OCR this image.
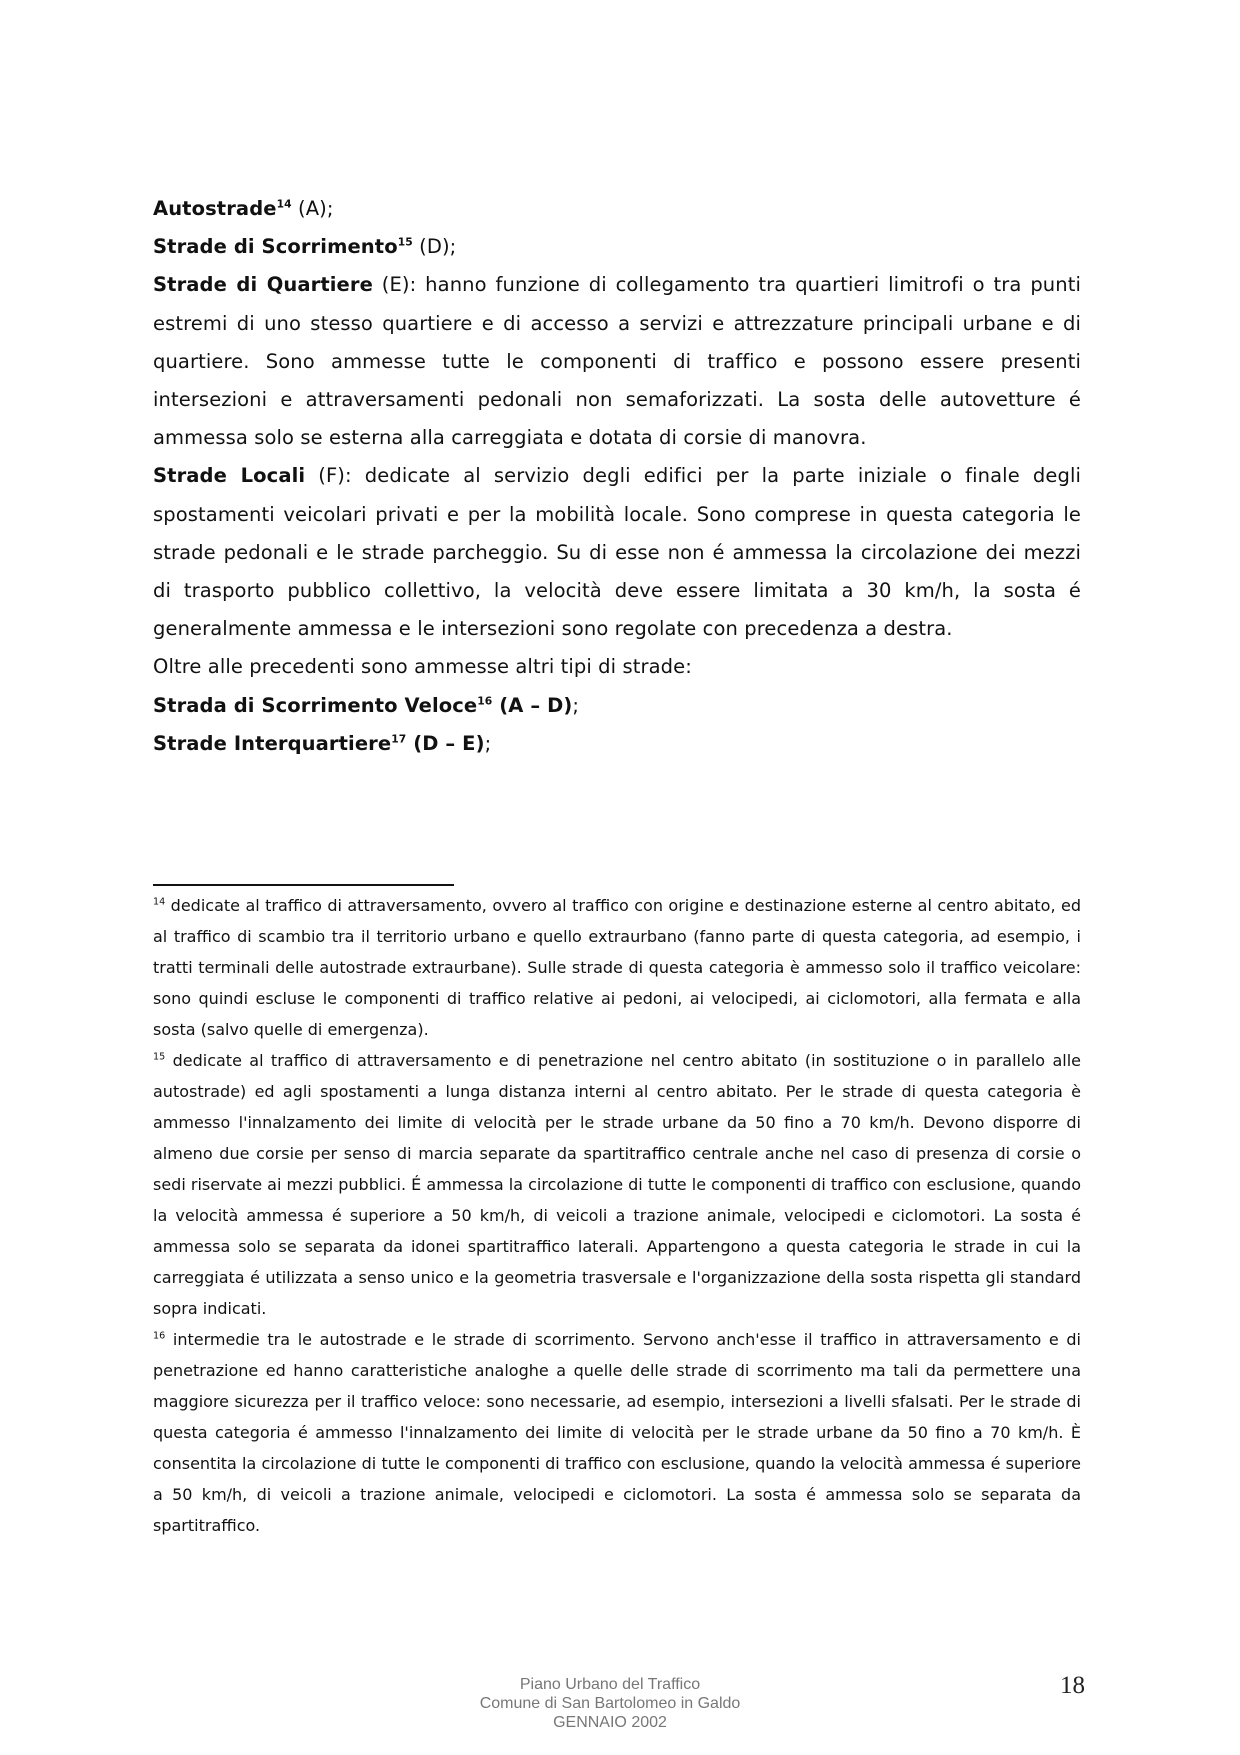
Autostrade$^{14}$ (A);

Strade di Scorrimento$^{15}$ (D);

Strade di Quartiere (E): hanno funzione di collegamento tra quartieri limitrofi o tra punti estremi di uno stesso quartiere e di accesso a servizi e attrezzature principali urbane e di quartiere. Sono ammesse tutte le componenti di traffico e possono essere presenti intersezioni e attraversamenti pedonali non semaforizzati. La sosta delle autovetture é ammessa solo se esterna alla carreggiata e dotata di corsie di manovra.

Strade Locali (F): dedicate al servizio degli edifici per la parte iniziale o finale degli spostamenti veicolari privati e per la mobilità locale. Sono comprese in questa categoria le strade pedonali e le strade parcheggio. Su di esse non é ammessa la circolazione dei mezzi di trasporto pubblico collettivo, la velocità deve essere limitata a 30 km/h, la sosta é generalmente ammessa e le intersezioni sono regolate con precedenza a destra.

Oltre alle precedenti sono ammesse altri tipi di strade:

Strada di Scorrimento Veloce$^{16}$ (A – D);

Strade Interquartiere$^{17}$ (D – E);

$^{14}$ dedicate al traffico di attraversamento, ovvero al traffico con origine e destinazione esterne al centro abitato, ed al traffico di scambio tra il territorio urbano e quello extraurbano (fanno parte di questa categoria, ad esempio, i tratti terminali delle autostrade extraurbane). Sulle strade di questa categoria è ammesso solo il traffico veicolare: sono quindi escluse le componenti di traffico relative ai pedoni, ai velocipedi, ai ciclomotori, alla fermata e alla sosta (salvo quelle di emergenza).

$^{15}$ dedicate al traffico di attraversamento e di penetrazione nel centro abitato (in sostituzione o in parallelo alle autostrade) ed agli spostamenti a lunga distanza interni al centro abitato. Per le strade di questa categoria è ammesso l'innalzamento dei limite di velocità per le strade urbane da 50 fino a 70 km/h. Devono disporre di almeno due corsie per senso di marcia separate da spartitraffico centrale anche nel caso di presenza di corsie o sedi riservate ai mezzi pubblici. É ammessa la circolazione di tutte le componenti di traffico con esclusione, quando la velocità ammessa é superiore a 50 km/h, di veicoli a trazione animale, velocipedi e ciclomotori. La sosta é ammessa solo se separata da idonei spartitraffico laterali. Appartengono a questa categoria le strade in cui la carreggiata é utilizzata a senso unico e la geometria trasversale e l'organizzazione della sosta rispetta gli standard sopra indicati.

$^{16}$ intermedie tra le autostrade e le strade di scorrimento. Servono anch'esse il traffico in attraversamento e di penetrazione ed hanno caratteristiche analoghe a quelle delle strade di scorrimento ma tali da permettere una maggiore sicurezza per il traffico veloce: sono necessarie, ad esempio, intersezioni a livelli sfalsati. Per le strade di questa categoria é ammesso l'innalzamento dei limite di velocità per le strade urbane da 50 fino a 70 km/h. È consentita la circolazione di tutte le componenti di traffico con esclusione, quando la velocità ammessa é superiore a 50 km/h, di veicoli a trazione animale, velocipedi e ciclomotori. La sosta é ammessa solo se separata da spartitraffico.

Piano Urbano del Traffico
Comune di San Bartolomeo in Galdo
GENNAIO 2002
18
